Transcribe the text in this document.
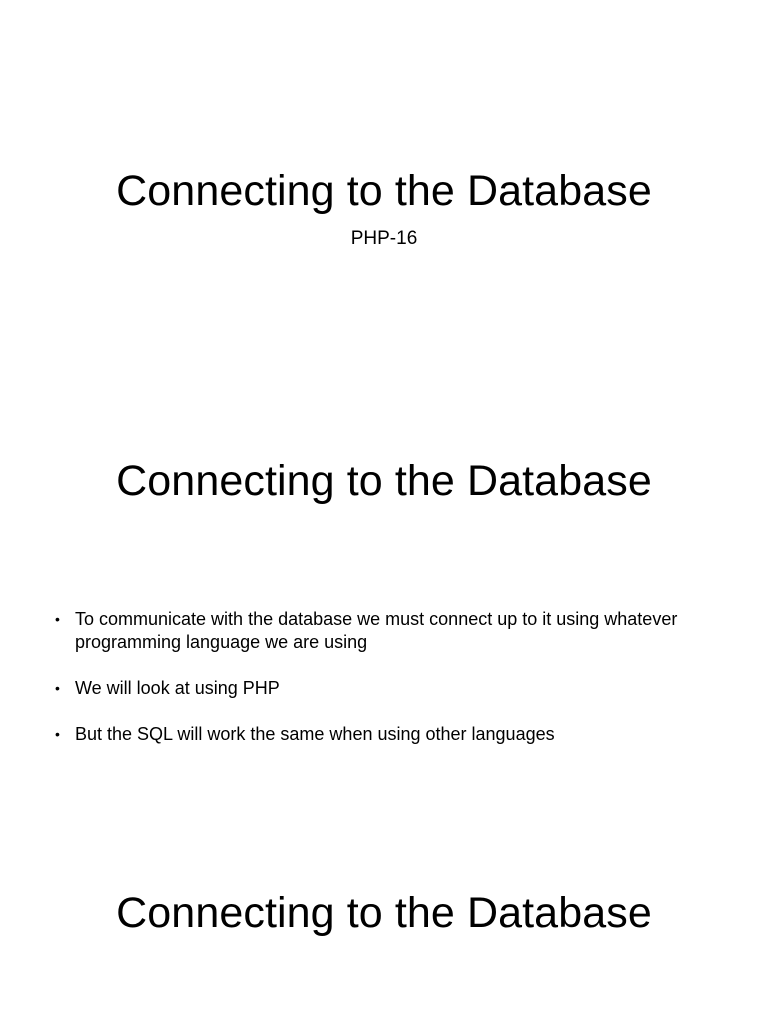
Connecting to the Database

PHP-16

Connecting to the Database
• To communicate with the database we must connect up to it using whatever programming language we are using
• We will look at using PHP
• But the SQL will work the same when using other languages
Connecting to the Database
